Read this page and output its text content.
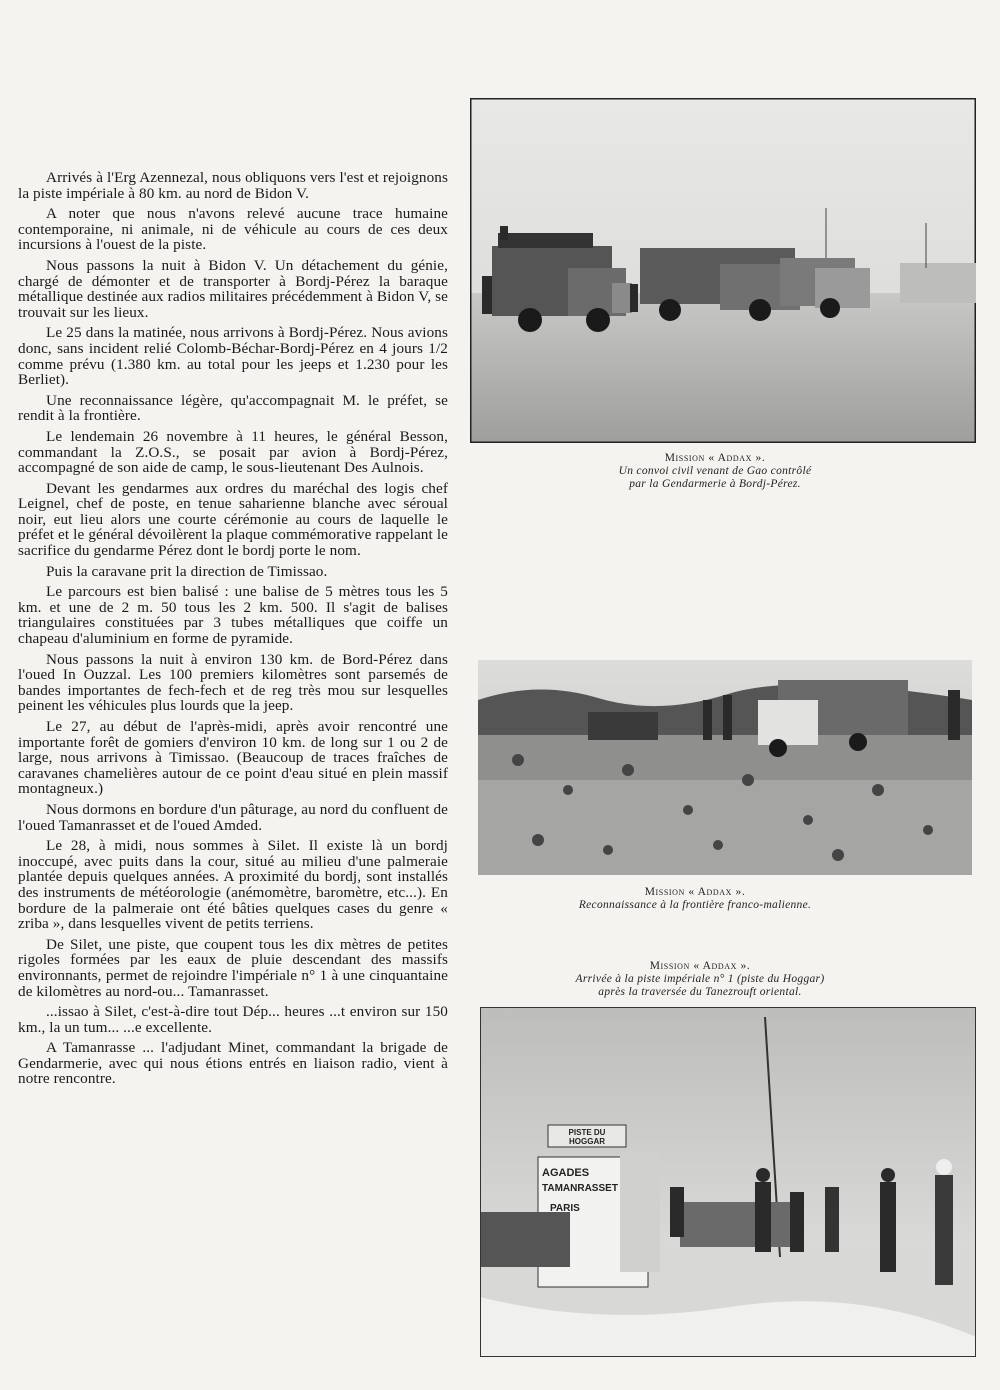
Arrivés à l'Erg Azennezal, nous obliquons vers l'est et rejoignons la piste impériale à 80 km. au nord de Bidon V.

A noter que nous n'avons relevé aucune trace humaine contemporaine, ni animale, ni de véhicule au cours de ces deux incursions à l'ouest de la piste.

Nous passons la nuit à Bidon V. Un détachement du génie, chargé de démonter et de transporter à Bordj-Pérez la baraque métallique destinée aux radios militaires précédemment à Bidon V, se trouvait sur les lieux.

Le 25 dans la matinée, nous arrivons à Bordj-Pérez. Nous avions donc, sans incident relié Colomb-Béchar-Bordj-Pérez en 4 jours 1/2 comme prévu (1.380 km. au total pour les jeeps et 1.230 pour les Berliet).

Une reconnaissance légère, qu'accompagnait M. le préfet, se rendit à la frontière.

Le lendemain 26 novembre à 11 heures, le général Besson, commandant la Z.O.S., se posait par avion à Bordj-Pérez, accompagné de son aide de camp, le sous-lieutenant Des Aulnois.

Devant les gendarmes aux ordres du maréchal des logis chef Leignel, chef de poste, en tenue saharienne blanche avec séroual noir, eut lieu alors une courte cérémonie au cours de laquelle le préfet et le général dévoilèrent la plaque commémorative rappelant le sacrifice du gendarme Pérez dont le bordj porte le nom.

Puis la caravane prit la direction de Timissao.

Le parcours est bien balisé : une balise de 5 mètres tous les 5 km. et une de 2 m. 50 tous les 2 km. 500. Il s'agit de balises triangulaires constituées par 3 tubes métalliques que coiffe un chapeau d'aluminium en forme de pyramide.

Nous passons la nuit à environ 130 km. de Bord-Pérez dans l'oued In Ouzzal. Les 100 premiers kilomètres sont parsemés de bandes importantes de fech-fech et de reg très mou sur lesquelles peinent les véhicules plus lourds que la jeep.

Le 27, au début de l'après-midi, après avoir rencontré une importante forêt de gomiers d'environ 10 km. de long sur 1 ou 2 de large, nous arrivons à Timissao. (Beaucoup de traces fraîches de caravanes chamelières autour de ce point d'eau situé en plein massif montagneux.)

Nous dormons en bordure d'un pâturage, au nord du confluent de l'oued Tamanrasset et de l'oued Amded.

Le 28, à midi, nous sommes à Silet. Il existe là un bordj inoccupé, avec puits dans la cour, situé au milieu d'une palmeraie plantée depuis quelques années. A proximité du bordj, sont installés des instruments de météorologie (anémomètre, baromètre, etc...). En bordure de la palmeraie ont été bâties quelques cases du genre « zriba », dans lesquelles vivent de petits terriens.

De Silet, une piste, que coupent tous les dix mètres de petites rigoles formées par les eaux de pluie descendant des massifs environnants, permet de rejoindre l'impériale n° 1 à une cinquantaine de kilomètres au nord-ou... Tamanrasset.

...issao à Silet, c'est-à-dire tout Dép... heures ...t environ sur 150 km., la un tum... ...e excellente.

A Tamanrasse ... l'adjudant Minet, commandant la brigade de Gendarmerie, avec qui nous étions entrés en liaison radio, vient à notre rencontre.

Mission « Addax ».
Un convoi civil venant de Gao contrôlé
par la Gendarmerie à Bordj-Pérez.
Mission « Addax ».
Reconnaissance à la frontière franco-malienne.
Mission « Addax ».
Arrivée à la piste impériale n° 1 (piste du Hoggar)
après la traversée du Tanezrouft oriental.
PISTE DU HOGGAR
AGADES
TAMANRASSET
PARIS
